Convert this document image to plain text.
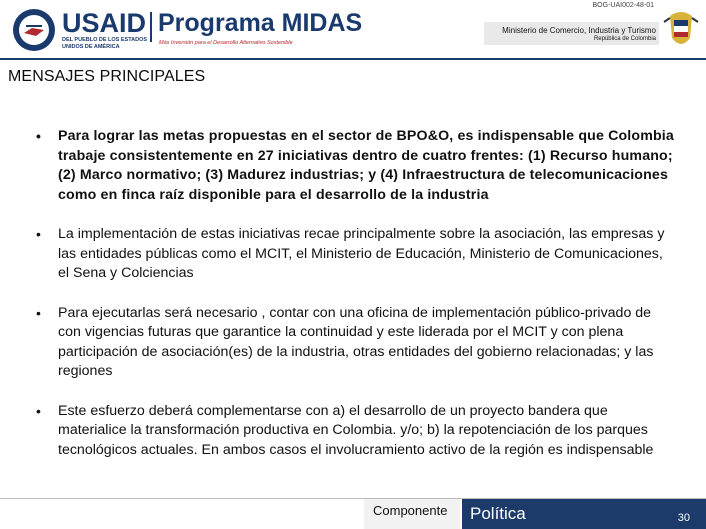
USAID
DEL PUEBLO DE LOS ESTADOS UNIDOS DE AMÉRICA
Programa MIDAS
Más Inversión para el Desarrollo Alternativo Sostenible
BOG-UAI002-48-01
Ministerio de Comercio, Industria y Turismo
República de Colombia
MENSAJES PRINCIPALES
• Para lograr las metas propuestas en el sector de BPO&O, es indispensable que Colombia trabaje consistentemente en 27 iniciativas dentro de cuatro frentes: (1) Recurso humano; (2) Marco normativo; (3) Madurez industrias; y (4) Infraestructura de telecomunicaciones como en finca raíz disponible para el desarrollo de la industria
• La implementación de estas iniciativas recae principalmente sobre la asociación, las empresas y las entidades públicas como el MCIT, el Ministerio de Educación, Ministerio de Comunicaciones, el Sena y Colciencias
• Para ejecutarlas será necesario , contar con una oficina de implementación público-privado de con vigencias futuras que garantice la continuidad y este liderada por el MCIT y con plena participación de asociación(es) de la industria, otras entidades del gobierno relacionadas; y las regiones
• Este esfuerzo deberá complementarse con a) el desarrollo de un proyecto bandera que materialice la transformación productiva en Colombia. y/o; b) la repotenciación de los parques tecnológicos actuales. En ambos casos el involucramiento activo de la región es indispensable
Componente Política	30
